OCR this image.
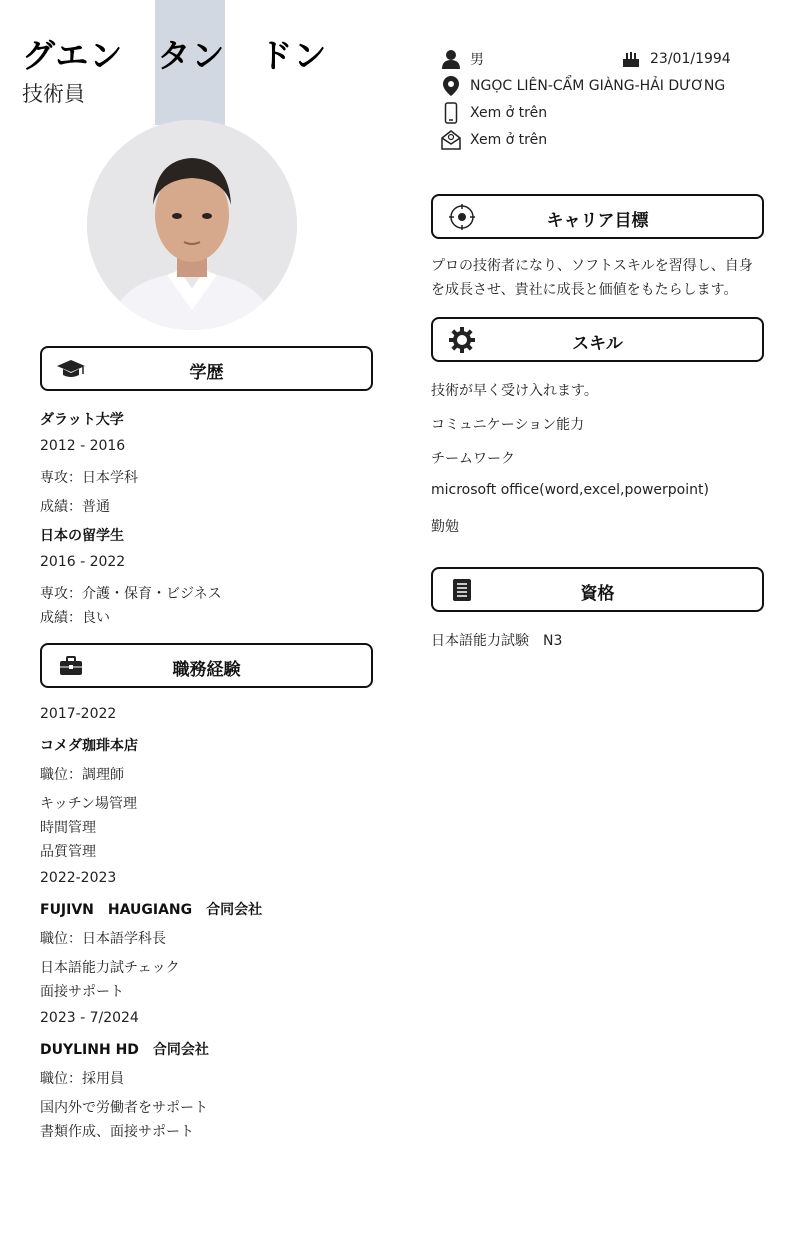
グエン　タン　ドン
技術員
男	23/01/1994
NGỌC LIÊN-CẨM GIÀNG-HẢI DƯƠNG
Xem ở trên
Xem ở trên
学歴
ダラット大学
2012 - 2016
専攻：日本学科
成績：普通
日本の留学生
2016 - 2022
専攻：介護・保育・ビジネス
成績：良い
職務経験
2017-2022
コメダ珈琲本店
職位：調理師
キッチン場管理
時間管理
品質管理
2022-2023
FUJIVN　HAUGIANG　合同会社
職位：日本語学科長
日本語能力試チェック
面接サポート
2023 - 7/2024
DUYLINH HD　合同会社
職位：採用員
国内外で労働者をサポート
書類作成、面接サポート
キャリア目標
プロの技術者になり、ソフトスキルを習得し、自身
を成長させ、貴社に成長と価値をもたらします。
スキル
技術が早く受け入れます。
コミュニケーション能力
チームワーク
microsoft office(word,excel,powerpoint)
勤勉
資格
日本語能力試験　N3
